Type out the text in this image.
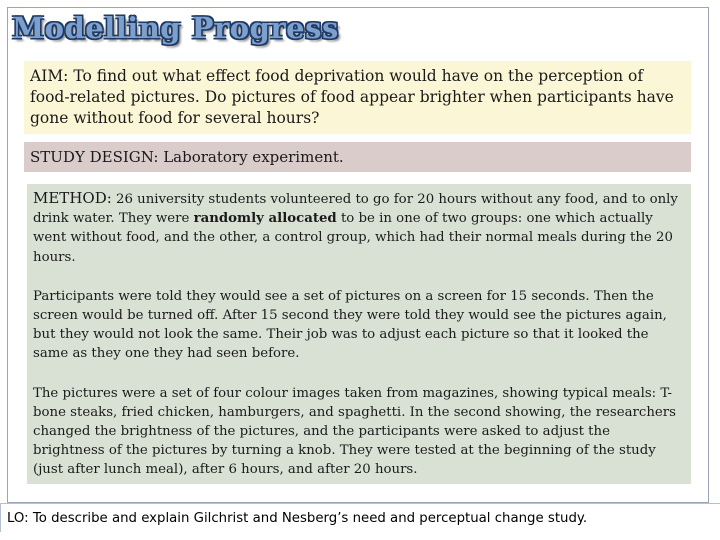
Modelling Progress
AIM: To find out what effect food deprivation would have on the perception of food-related pictures. Do pictures of food appear brighter when participants have gone without food for several hours?
STUDY DESIGN: Laboratory experiment.

METHOD: 26 university students volunteered to go for 20 hours without any food, and to only drink water. They were randomly allocated to be in one of two groups: one which actually went without food, and the other, a control group, which had their normal meals during the 20 hours.

Participants were told they would see a set of pictures on a screen for 15 seconds. Then the screen would be turned off. After 15 second they were told they would see the pictures again, but they would not look the same. Their job was to adjust each picture so that it looked the same as they one they had seen before.

The pictures were a set of four colour images taken from magazines, showing typical meals: T-bone steaks, fried chicken, hamburgers, and spaghetti. In the second showing, the researchers changed the brightness of the pictures, and the participants were asked to adjust the brightness of the pictures by turning a knob. They were tested at the beginning of the study (just after lunch meal), after 6 hours, and after 20 hours.

LO: To describe and explain Gilchrist and Nesberg’s need and perceptual change study.
